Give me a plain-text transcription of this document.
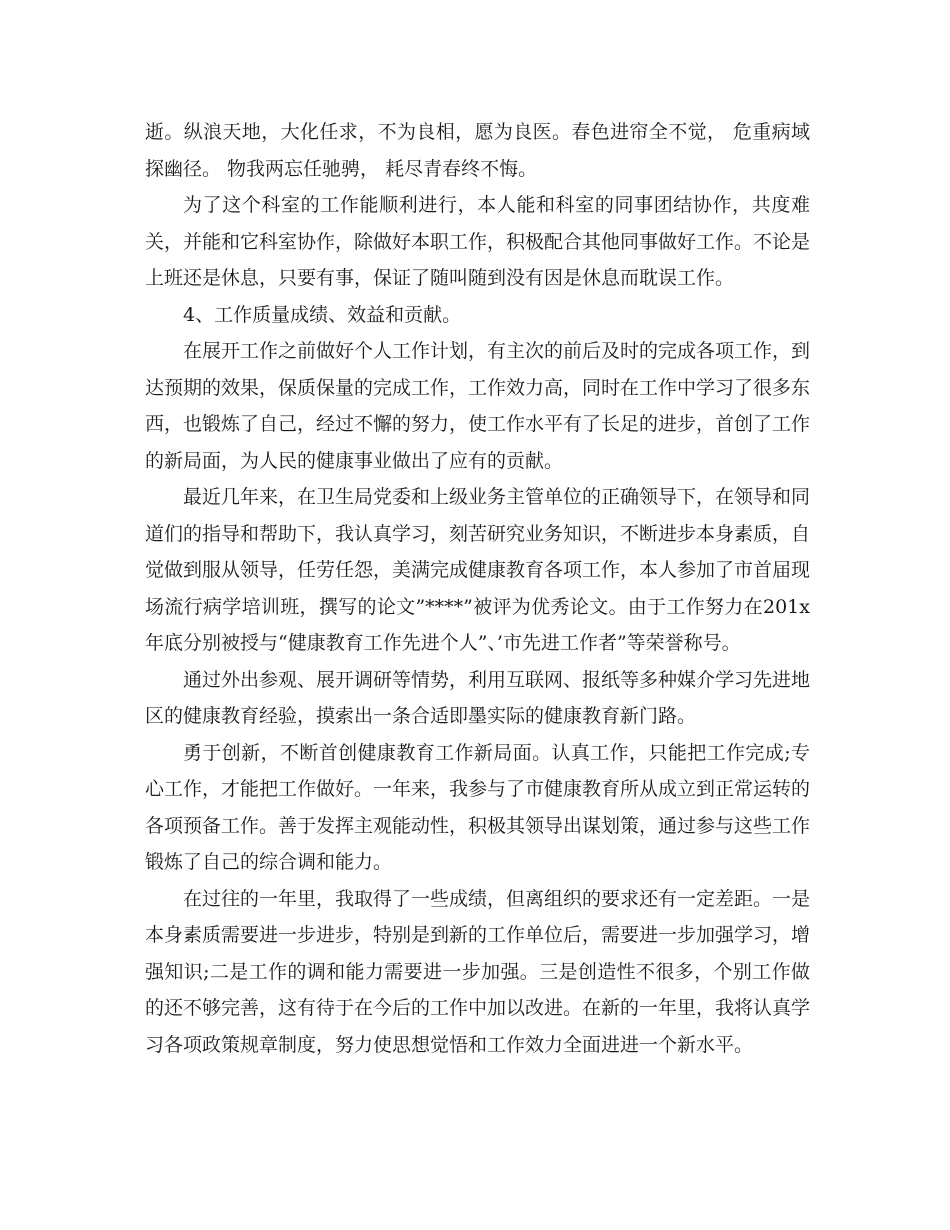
逝。纵浪天地，大化任求，不为良相，愿为良医。春色进帘全不觉， 危重病域探幽径。 物我两忘任驰骋， 耗尽青春终不悔。

为了这个科室的工作能顺利进行，本人能和科室的同事团结协作，共度难关，并能和它科室协作，除做好本职工作，积极配合其他同事做好工作。不论是上班还是休息，只要有事，保证了随叫随到没有因是休息而耽误工作。

4、工作质量成绩、效益和贡献。

在展开工作之前做好个人工作计划，有主次的前后及时的完成各项工作，到达预期的效果，保质保量的完成工作，工作效力高，同时在工作中学习了很多东西，也锻炼了自己，经过不懈的努力，使工作水平有了长足的进步，首创了工作的新局面，为人民的健康事业做出了应有的贡献。

最近几年来，在卫生局党委和上级业务主管单位的正确领导下，在领导和同道们的指导和帮助下，我认真学习，刻苦研究业务知识，不断进步本身素质，自觉做到服从领导，任劳任怨，美满完成健康教育各项工作，本人参加了市首届现场流行病学培训班，撰写的论文”****”被评为优秀论文。由于工作努力在201x年底分别被授与“健康教育工作先进个人”、’市先进工作者”等荣誉称号。

通过外出参观、展开调研等情势，利用互联网、报纸等多种媒介学习先进地区的健康教育经验，摸索出一条合适即墨实际的健康教育新门路。

勇于创新，不断首创健康教育工作新局面。认真工作，只能把工作完成;专心工作，才能把工作做好。一年来，我参与了市健康教育所从成立到正常运转的各项预备工作。善于发挥主观能动性，积极其领导出谋划策，通过参与这些工作锻炼了自己的综合调和能力。

在过往的一年里，我取得了一些成绩，但离组织的要求还有一定差距。一是本身素质需要进一步进步，特别是到新的工作单位后，需要进一步加强学习，增强知识;二是工作的调和能力需要进一步加强。三是创造性不很多，个别工作做的还不够完善，这有待于在今后的工作中加以改进。在新的一年里，我将认真学习各项政策规章制度，努力使思想觉悟和工作效力全面进进一个新水平。
